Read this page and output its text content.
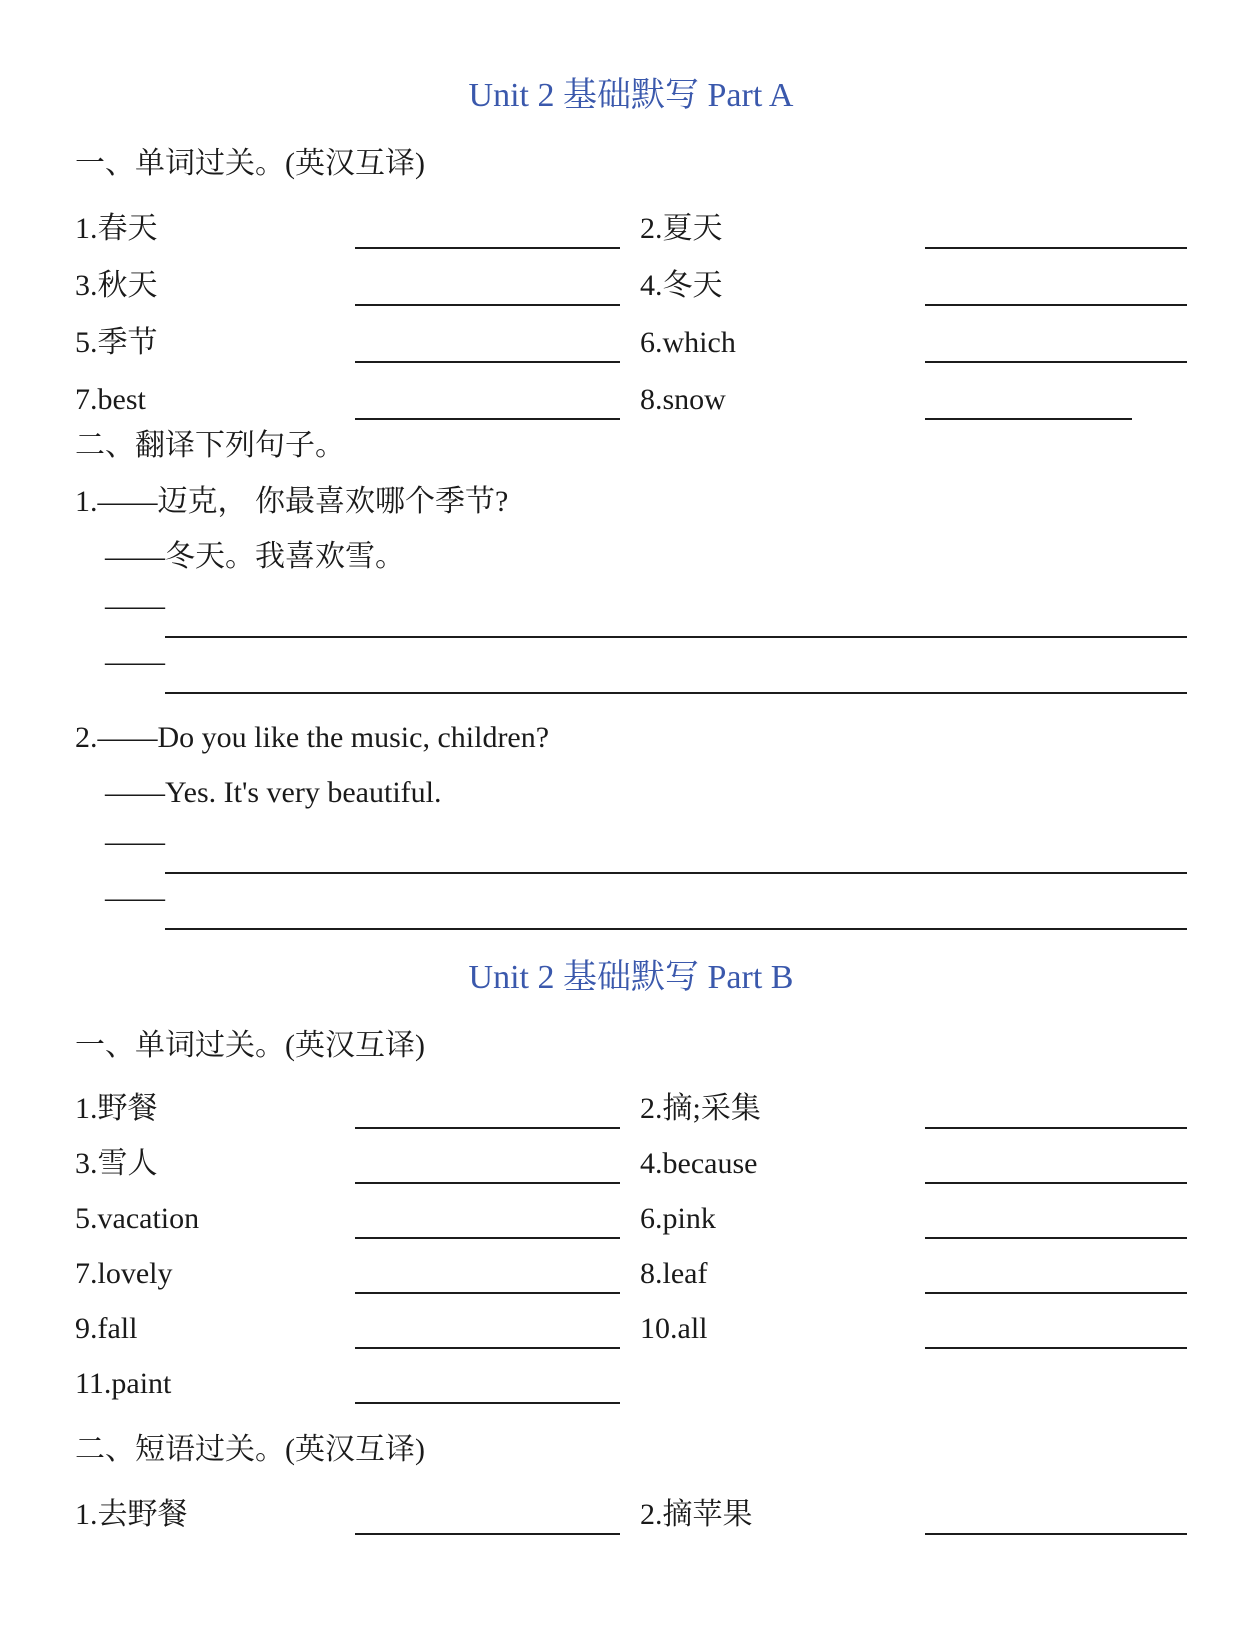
Unit 2 基础默写 Part A
一、单词过关。(英汉互译)
1.春天	2.夏天
3.秋天	4.冬天
5.季节	6.which
7.best	8.snow
二、翻译下列句子。
1.——迈克， 你最喜欢哪个季节?
——冬天。我喜欢雪。
——
——
2.——Do you like the music, children?
——Yes. It's very beautiful.
——
——
Unit 2 基础默写 Part B
一、单词过关。(英汉互译)
1.野餐	2.摘;采集
3.雪人	4.because
5.vacation	6.pink
7.lovely	8.leaf
9.fall	10.all
11.paint
二、短语过关。(英汉互译)
1.去野餐	2.摘苹果
